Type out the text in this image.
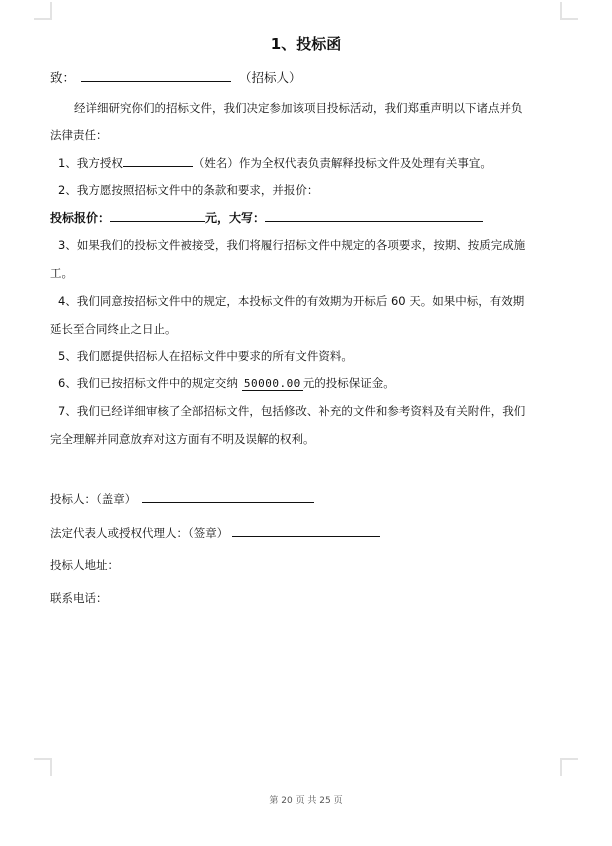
1、投标函
致：	（招标人）
经详细研究你们的招标文件，我们决定参加该项目投标活动，我们郑重声明以下诸点并负
法律责任：
1、我方授权	（姓名）作为全权代表负责解释投标文件及处理有关事宜。
2、我方愿按照招标文件中的条款和要求，并报价：
投标报价：	元，大写：
3、如果我们的投标文件被接受，我们将履行招标文件中规定的各项要求，按期、按质完成施
工。
4、我们同意按招标文件中的规定，本投标文件的有效期为开标后 60 天。如果中标，有效期
延长至合同终止之日止。
5、我们愿提供招标人在招标文件中要求的所有文件资料。
6、我们已按招标文件中的规定交纳 50000.00 元的投标保证金。
7、我们已经详细审核了全部招标文件，包括修改、补充的文件和参考资料及有关附件，我们
完全理解并同意放弃对这方面有不明及误解的权利。
投标人：（盖章）
法定代表人或授权代理人：（签章）
投标人地址：
联系电话：
第 20 页 共 25 页
